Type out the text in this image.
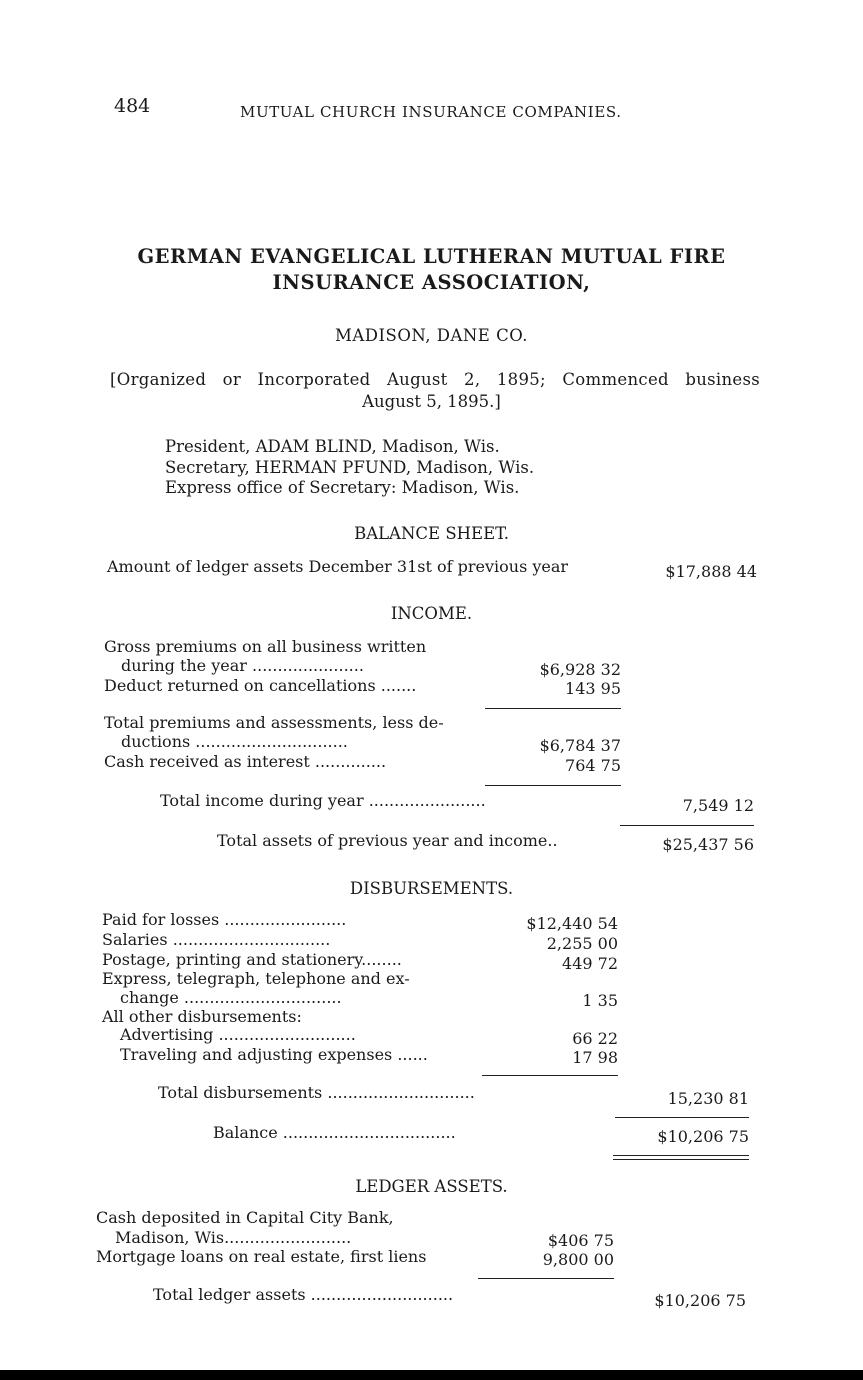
484	MUTUAL CHURCH INSURANCE COMPANIES.
GERMAN EVANGELICAL LUTHERAN MUTUAL FIRE
INSURANCE ASSOCIATION,
MADISON, DANE CO.
[Organized or Incorporated August 2, 1895; Commenced business
August 5, 1895.]
President, ADAM BLIND, Madison, Wis.
Secretary, HERMAN PFUND, Madison, Wis.
Express office of Secretary: Madison, Wis.
BALANCE SHEET.
Amount of ledger assets December 31st of previous year	$17,888 44
INCOME.
Gross premiums on all business written
during the year ......................	$6,928 32
Deduct returned on cancellations .......	143 95
Total premiums and assessments, less de-
ductions ..............................	$6,784 37
Cash received as interest ..............	764 75
Total income during year .......................	7,549 12
Total assets of previous year and income..	$25,437 56
DISBURSEMENTS.
Paid for losses ........................	$12,440 54
Salaries ...............................	2,255 00
Postage, printing and stationery........	449 72
Express, telegraph, telephone and ex-
change ...............................	1 35
All other disbursements:
Advertising ...........................	66 22
Traveling and adjusting expenses ......	17 98
Total disbursements .............................	15,230 81
Balance ..................................	$10,206 75
LEDGER ASSETS.
Cash deposited in Capital City Bank,
Madison, Wis.........................	$406 75
Mortgage loans on real estate, first liens	9,800 00
Total ledger assets ............................	$10,206 75
